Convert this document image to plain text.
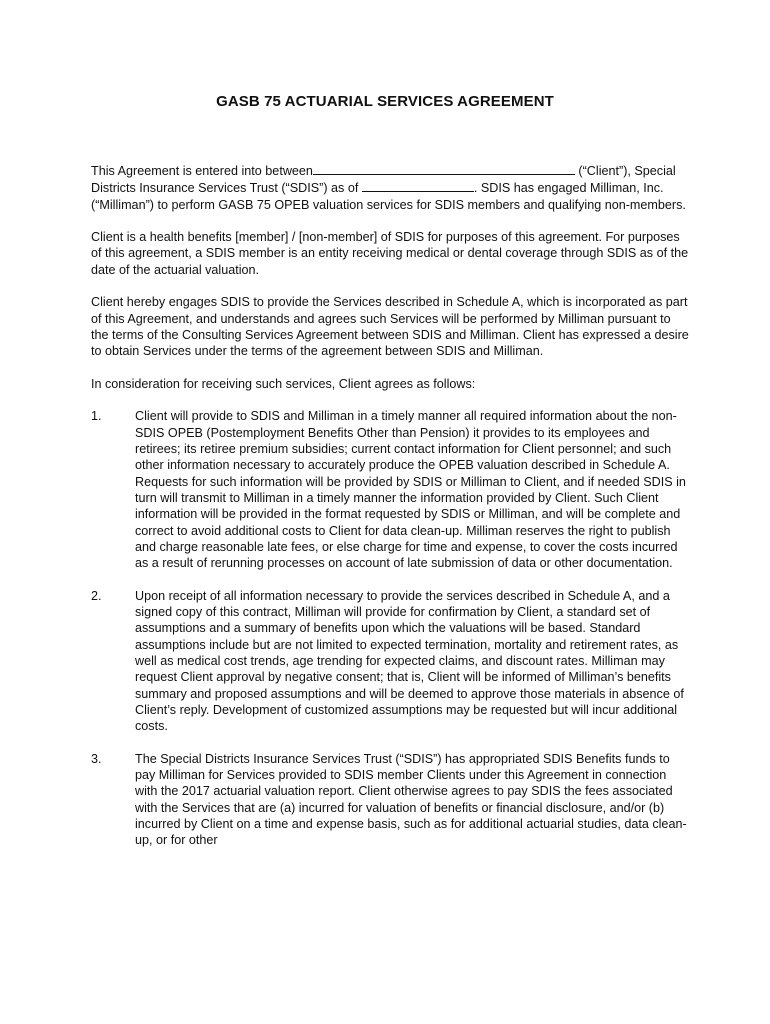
GASB 75 ACTUARIAL SERVICES AGREEMENT

This Agreement is entered into between	(“Client”), Special Districts Insurance Services Trust (“SDIS”) as of	. SDIS has engaged Milliman, Inc. (“Milliman”) to perform GASB 75 OPEB valuation services for SDIS members and qualifying non-members.

Client is a health benefits [member] / [non-member] of SDIS for purposes of this agreement. For purposes of this agreement, a SDIS member is an entity receiving medical or dental coverage through SDIS as of the date of the actuarial valuation.

Client hereby engages SDIS to provide the Services described in Schedule A, which is incorporated as part of this Agreement, and understands and agrees such Services will be performed by Milliman pursuant to the terms of the Consulting Services Agreement between SDIS and Milliman. Client has expressed a desire to obtain Services under the terms of the agreement between SDIS and Milliman.

In consideration for receiving such services, Client agrees as follows:

1.	Client will provide to SDIS and Milliman in a timely manner all required information about the non-SDIS OPEB (Postemployment Benefits Other than Pension) it provides to its employees and retirees; its retiree premium subsidies; current contact information for Client personnel; and such other information necessary to accurately produce the OPEB valuation described in Schedule A. Requests for such information will be provided by SDIS or Milliman to Client, and if needed SDIS in turn will transmit to Milliman in a timely manner the information provided by Client. Such Client information will be provided in the format requested by SDIS or Milliman, and will be complete and correct to avoid additional costs to Client for data clean-up. Milliman reserves the right to publish and charge reasonable late fees, or else charge for time and expense, to cover the costs incurred as a result of rerunning processes on account of late submission of data or other documentation.
2.	Upon receipt of all information necessary to provide the services described in Schedule A, and a signed copy of this contract, Milliman will provide for confirmation by Client, a standard set of assumptions and a summary of benefits upon which the valuations will be based. Standard assumptions include but are not limited to expected termination, mortality and retirement rates, as well as medical cost trends, age trending for expected claims, and discount rates. Milliman may request Client approval by negative consent; that is, Client will be informed of Milliman’s benefits summary and proposed assumptions and will be deemed to approve those materials in absence of Client’s reply. Development of customized assumptions may be requested but will incur additional costs.
3.	The Special Districts Insurance Services Trust (“SDIS”) has appropriated SDIS Benefits funds to pay Milliman for Services provided to SDIS member Clients under this Agreement in connection with the 2017 actuarial valuation report. Client otherwise agrees to pay SDIS the fees associated with the Services that are (a) incurred for valuation of benefits or financial disclosure, and/or (b) incurred by Client on a time and expense basis, such as for additional actuarial studies, data clean-up, or for other
